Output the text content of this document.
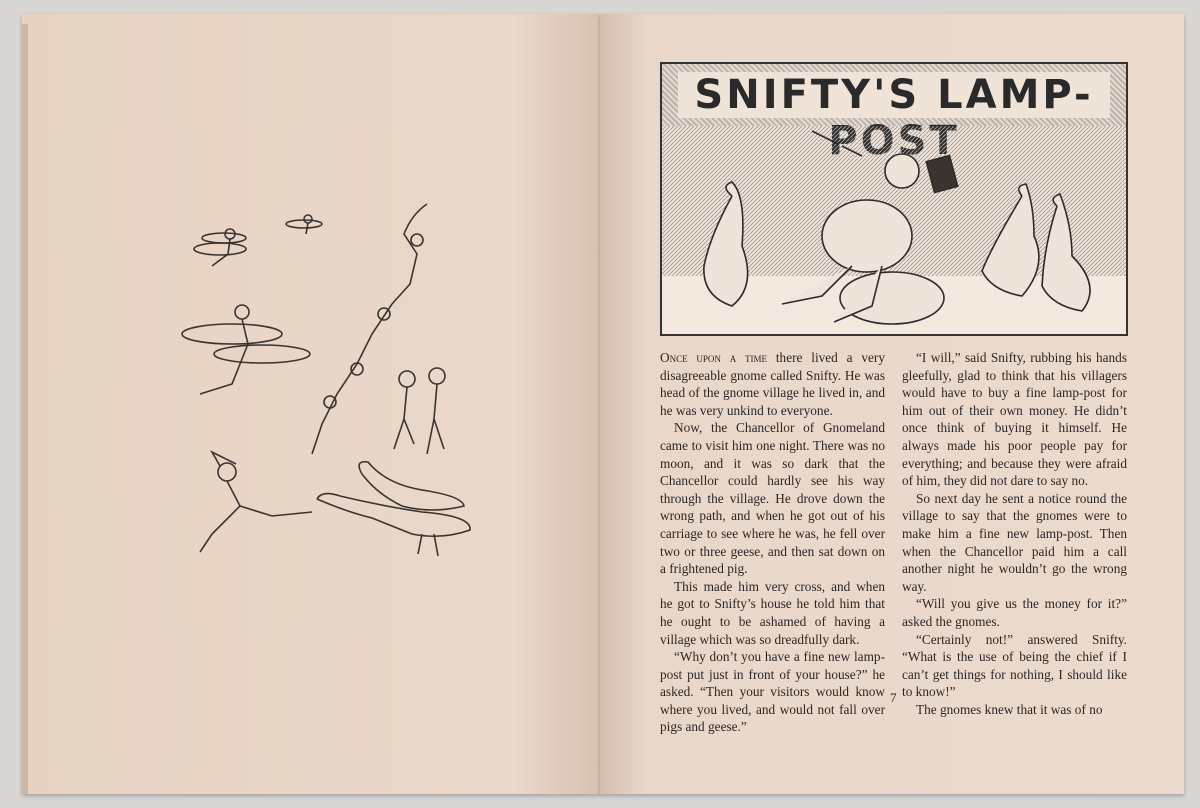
SNIFTY'S LAMP-

Once upon a time there lived a very disagreeable gnome called Snifty. He was head of the gnome village he lived in, and he was very unkind to everyone.

Now, the Chancellor of Gnomeland came to visit him one night. There was no moon, and it was so dark that the Chancellor could hardly see his way through the village. He drove down the wrong path, and when he got out of his carriage to see where he was, he fell over two or three geese, and then sat down on a frightened pig.

This made him very cross, and when he got to Snifty’s house he told him that he ought to be ashamed of having a village which was so dreadfully dark.

“Why don’t you have a fine new lamp-post put just in front of your house?” he asked. “Then your visitors would know where you lived, and would not fall over pigs and geese.”

“I will,” said Snifty, rubbing his hands gleefully, glad to think that his villagers would have to buy a fine lamp-post for him out of their own money. He didn’t once think of buying it himself. He always made his poor people pay for everything; and because they were afraid of him, they did not dare to say no.

So next day he sent a notice round the village to say that the gnomes were to make him a fine new lamp-post. Then when the Chancellor paid him a call another night he wouldn’t go the wrong way.

“Will you give us the money for it?” asked the gnomes.

“Certainly not!” answered Snifty. “What is the use of being the chief if I can’t get things for nothing, I should like to know!”

The gnomes knew that it was of no

7
